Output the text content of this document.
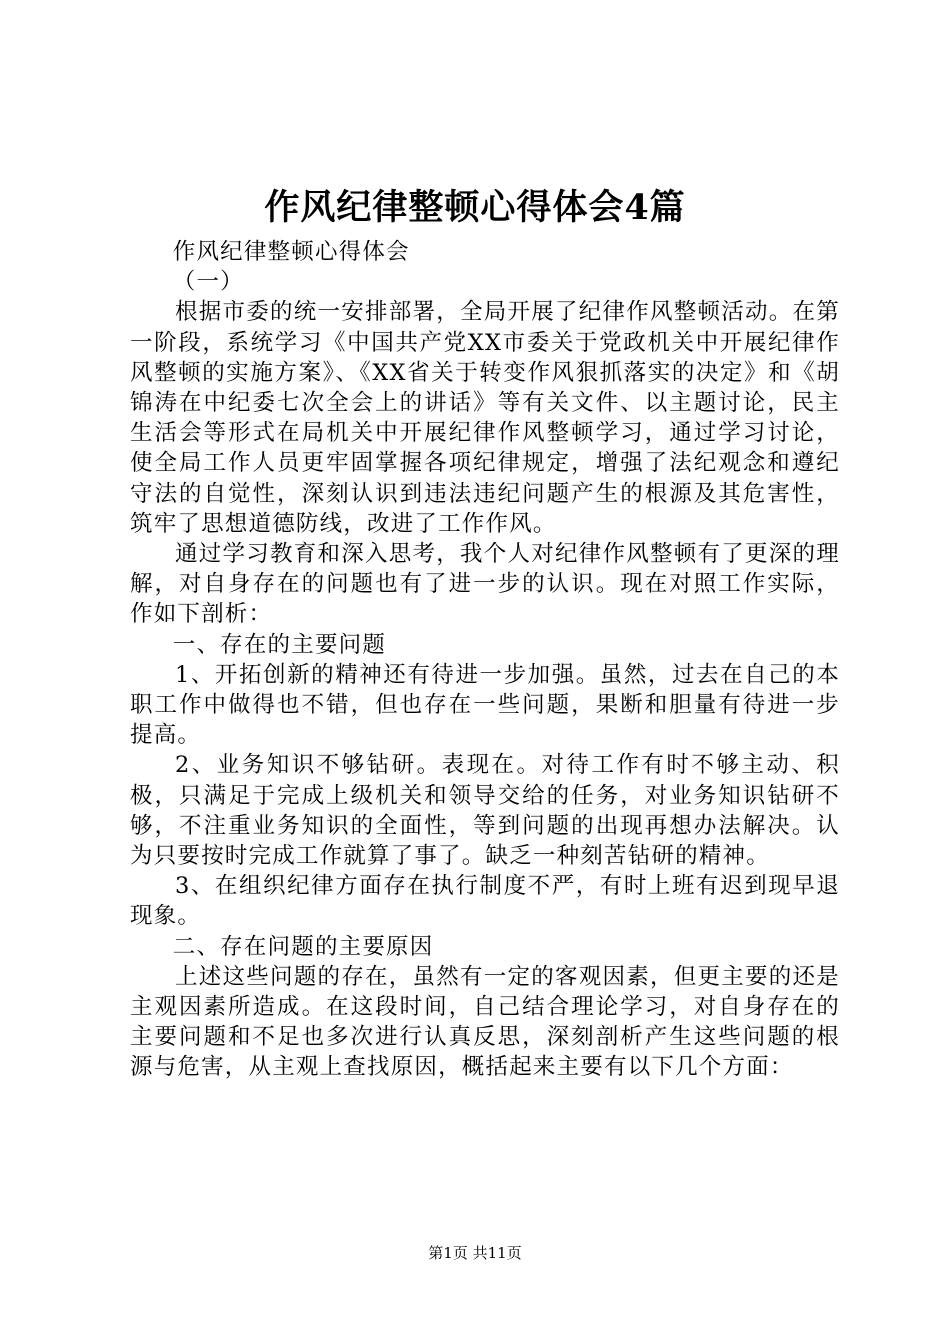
作风纪律整顿心得体会4篇

作风纪律整顿心得体会

（一）

根据市委的统一安排部署，全局开展了纪律作风整顿活动。在第一阶段，系统学习《中国共产党XX市委关于党政机关中开展纪律作风整顿的实施方案》、《XX省关于转变作风狠抓落实的决定》和《胡锦涛在中纪委七次全会上的讲话》等有关文件、以主题讨论，民主生活会等形式在局机关中开展纪律作风整顿学习，通过学习讨论，使全局工作人员更牢固掌握各项纪律规定，增强了法纪观念和遵纪守法的自觉性，深刻认识到违法违纪问题产生的根源及其危害性，筑牢了思想道德防线，改进了工作作风。

通过学习教育和深入思考，我个人对纪律作风整顿有了更深的理解，对自身存在的问题也有了进一步的认识。现在对照工作实际，作如下剖析：

一、存在的主要问题

1、开拓创新的精神还有待进一步加强。虽然，过去在自己的本职工作中做得也不错，但也存在一些问题，果断和胆量有待进一步提高。

2、业务知识不够钻研。表现在。对待工作有时不够主动、积极，只满足于完成上级机关和领导交给的任务，对业务知识钻研不够，不注重业务知识的全面性，等到问题的出现再想办法解决。认为只要按时完成工作就算了事了。缺乏一种刻苦钻研的精神。

3、在组织纪律方面存在执行制度不严，有时上班有迟到现早退现象。

二、存在问题的主要原因

上述这些问题的存在，虽然有一定的客观因素，但更主要的还是主观因素所造成。在这段时间，自己结合理论学习，对自身存在的主要问题和不足也多次进行认真反思，深刻剖析产生这些问题的根源与危害，从主观上查找原因，概括起来主要有以下几个方面：

第1页 共11页
